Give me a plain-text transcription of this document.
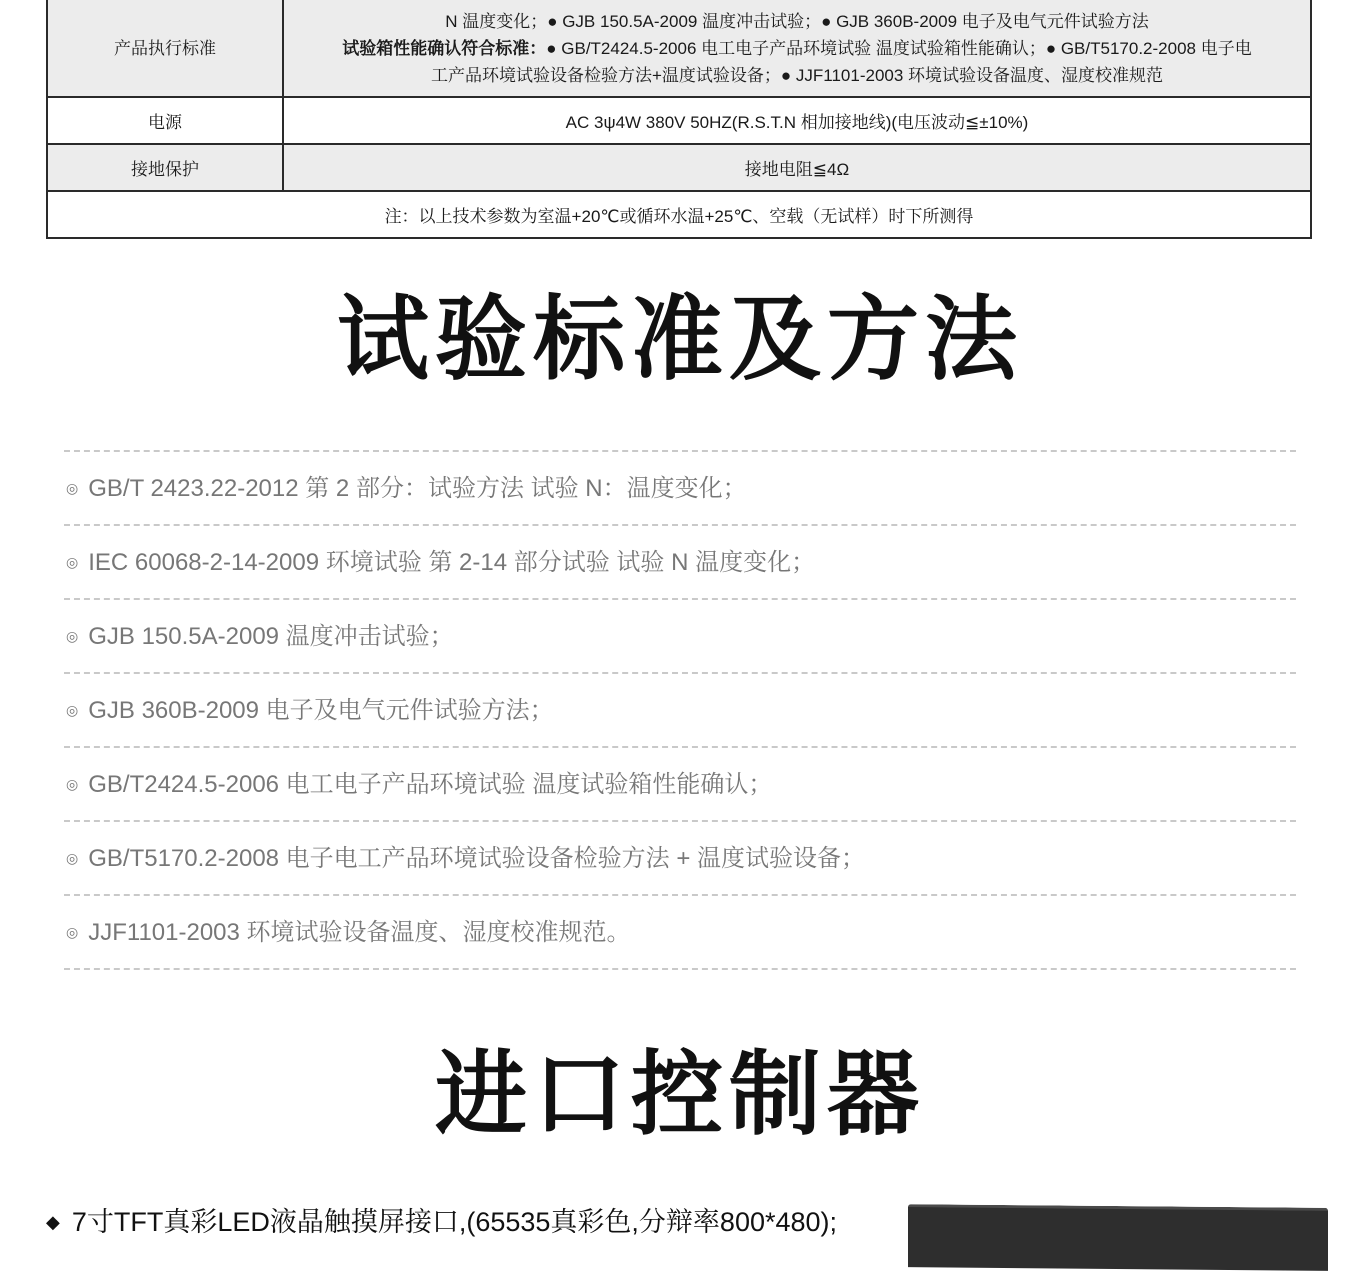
产品执行标准	N 温度变化；● GJB 150.5A-2009 温度冲击试验；● GJB 360B-2009 电子及电气元件试验方法
试验箱性能确认符合标准：● GB/T2424.5-2006 电工电子产品环境试验 温度试验箱性能确认；● GB/T5170.2-2008 电子电
工产品环境试验设备检验方法+温度试验设备；● JJF1101-2003 环境试验设备温度、湿度校准规范

电源	AC 3ψ4W 380V 50HZ(R.S.T.N 相加接地线)(电压波动≦±10%)
接地保护	接地电阻≦4Ω
注：以上技术参数为室温+20℃或循环水温+25℃、空载（无试样）时下所测得	
试验标准及方法
◎ GB/T 2423.22-2012 第 2 部分：试验方法 试验 N：温度变化；
◎ IEC 60068-2-14-2009 环境试验 第 2-14 部分试验 试验 N 温度变化；
◎ GJB 150.5A-2009 温度冲击试验；
◎ GJB 360B-2009 电子及电气元件试验方法；
◎ GB/T2424.5-2006 电工电子产品环境试验 温度试验箱性能确认；
◎ GB/T5170.2-2008 电子电工产品环境试验设备检验方法 + 温度试验设备；
◎ JJF1101-2003 环境试验设备温度、湿度校准规范。
进口控制器
◆ 7寸TFT真彩LED液晶触摸屏接口,(65535真彩色,分辩率800*480);
